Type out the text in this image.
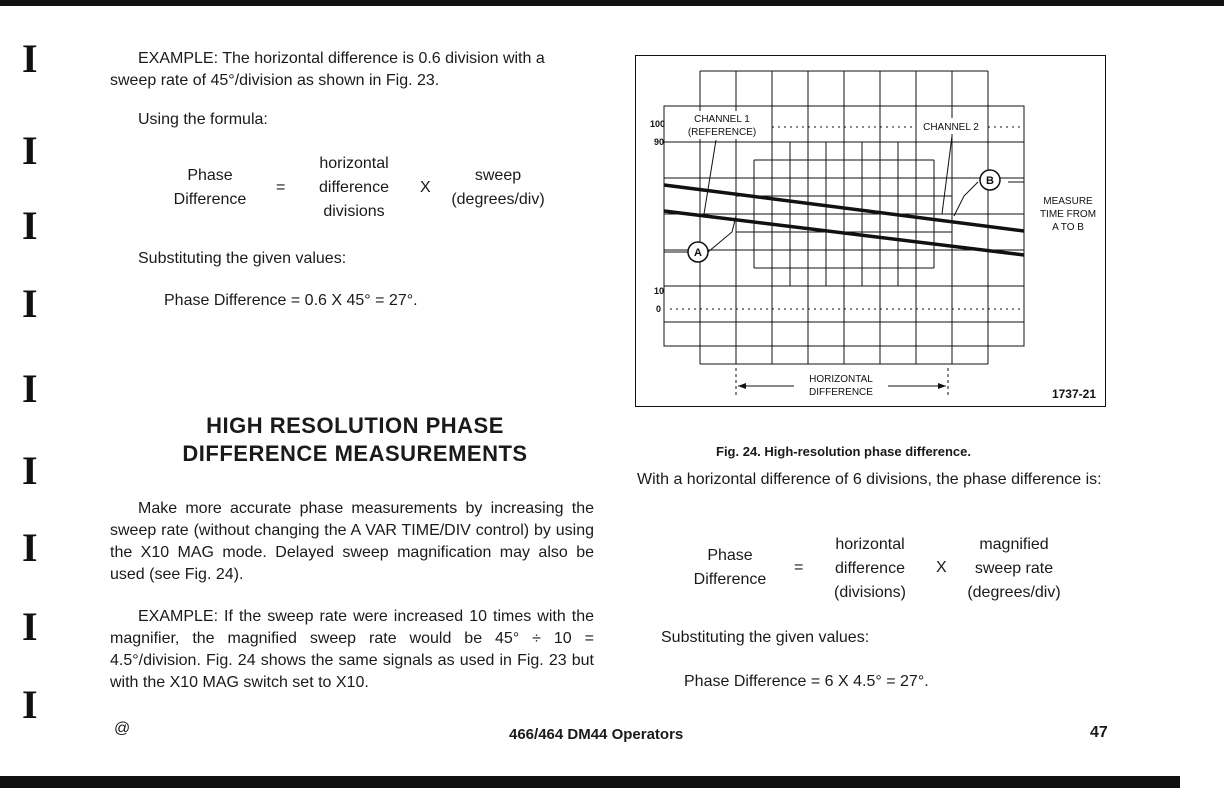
I
I
I
I
I
I
I
I
I
EXAMPLE: The horizontal difference is 0.6 division with a sweep rate of 45°/division as shown in Fig. 23.
Using the formula:
Phase
Difference
=
horizontal
difference
divisions
X
sweep
(degrees/div)
Substituting the given values:
Phase Difference = 0.6 X 45° = 27°.
HIGH RESOLUTION PHASE
DIFFERENCE MEASUREMENTS
Make more accurate phase measurements by increasing the sweep rate (without changing the A VAR TIME/DIV control) by using the X10 MAG mode. Delayed sweep magnification may also be used (see Fig. 24).
EXAMPLE: If the sweep rate were increased 10 times with the magnifier, the magnified sweep rate would be 45° ÷ 10 = 4.5°/division. Fig. 24 shows the same signals as used in Fig. 23 but with the X10 MAG switch set to X10.
100
90
10
0
CHANNEL 1
(REFERENCE)	CHANNEL 2
A
B
MEASURE
TIME FROM
A TO B
HORIZONTAL
DIFFERENCE	1737-21
Fig. 24. High-resolution phase difference.
With a horizontal difference of 6 divisions, the phase difference is:
Phase
Difference
=
horizontal
difference
(divisions)
X
magnified
sweep rate
(degrees/div)
Substituting the given values:
Phase Difference = 6 X 4.5° = 27°.
@	466/464 DM44 Operators	47
